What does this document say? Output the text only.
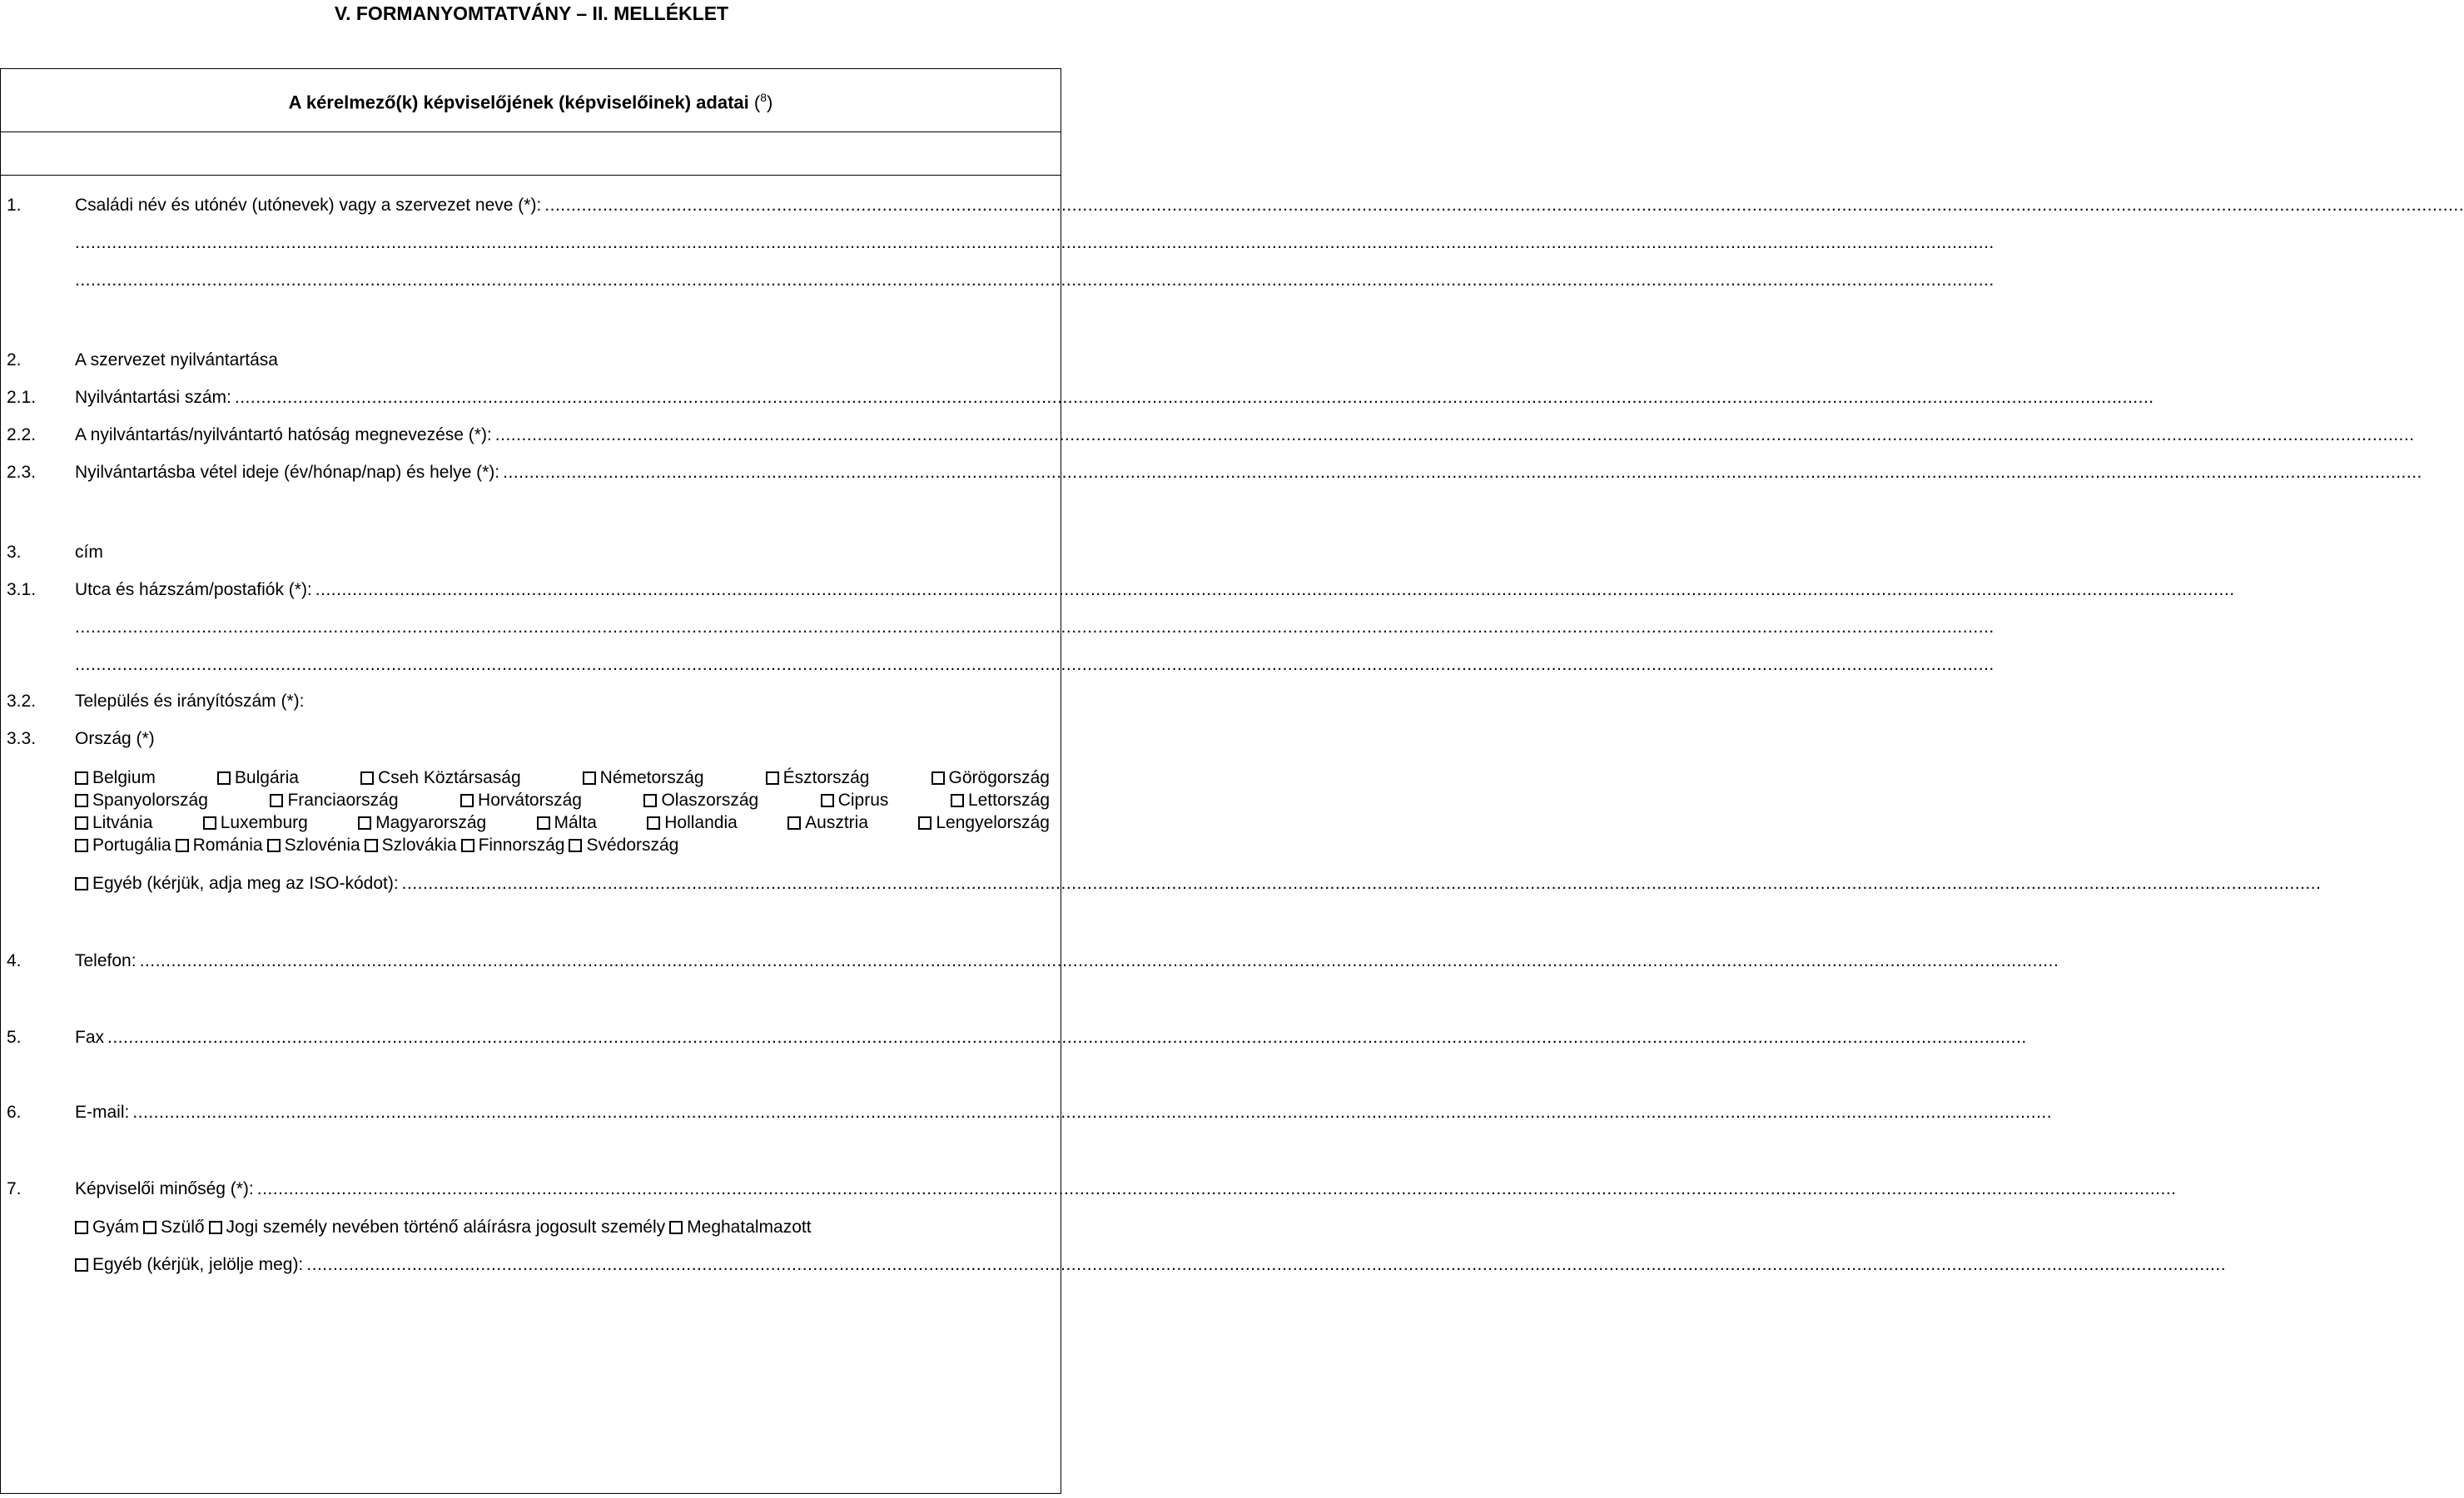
V. FORMANYOMTATVÁNY – II. MELLÉKLET
A kérelmező(k) képviselőjének (képviselőinek) adatai ($^8$)
1.	Családi név és utónév (utónevek) vagy a szervezet neve (*): ............................................................................................................................................................................................................................................................................................................................................................................
............................................................................................................................................................................................................................................................................................................................................................................
............................................................................................................................................................................................................................................................................................................................................................................
2.	A szervezet nyilvántartása
2.1. Nyilvántartási szám: ............................................................................................................................................................................................................................................................................................................................................................................
2.2. A nyilvántartás/nyilvántartó hatóság megnevezése (*): ............................................................................................................................................................................................................................................................................................................................................................................
2.3. Nyilvántartásba vétel ideje (év/hónap/nap) és helye (*): ............................................................................................................................................................................................................................................................................................................................................................................
3.	cím
3.1. Utca és házszám/postafiók (*): ............................................................................................................................................................................................................................................................................................................................................................................
............................................................................................................................................................................................................................................................................................................................................................................
............................................................................................................................................................................................................................................................................................................................................................................
3.2. Település és irányítószám (*):
3.3. Ország (*)
Belgium	Bulgária	Cseh Köztársaság	Németország	Észtország	Görögország
Spanyolország	Franciaország	Horvátország	Olaszország	Ciprus	Lettország
Litvánia	Luxemburg	Magyarország	Málta	Hollandia	Ausztria	Lengyelország
Portugália	Románia	Szlovénia	Szlovákia	Finnország	Svédország
Egyéb (kérjük, adja meg az ISO-kódot): ............................................................................................................................................................................................................................................................................................................................................................................
4.	Telefon: ............................................................................................................................................................................................................................................................................................................................................................................
5.	Fax ............................................................................................................................................................................................................................................................................................................................................................................
6.	E-mail: ............................................................................................................................................................................................................................................................................................................................................................................
7.	Képviselői minőség (*): ............................................................................................................................................................................................................................................................................................................................................................................
Gyám	Szülő	Jogi személy nevében történő aláírásra jogosult személy	Meghatalmazott
Egyéb (kérjük, jelölje meg): ............................................................................................................................................................................................................................................................................................................................................................................
